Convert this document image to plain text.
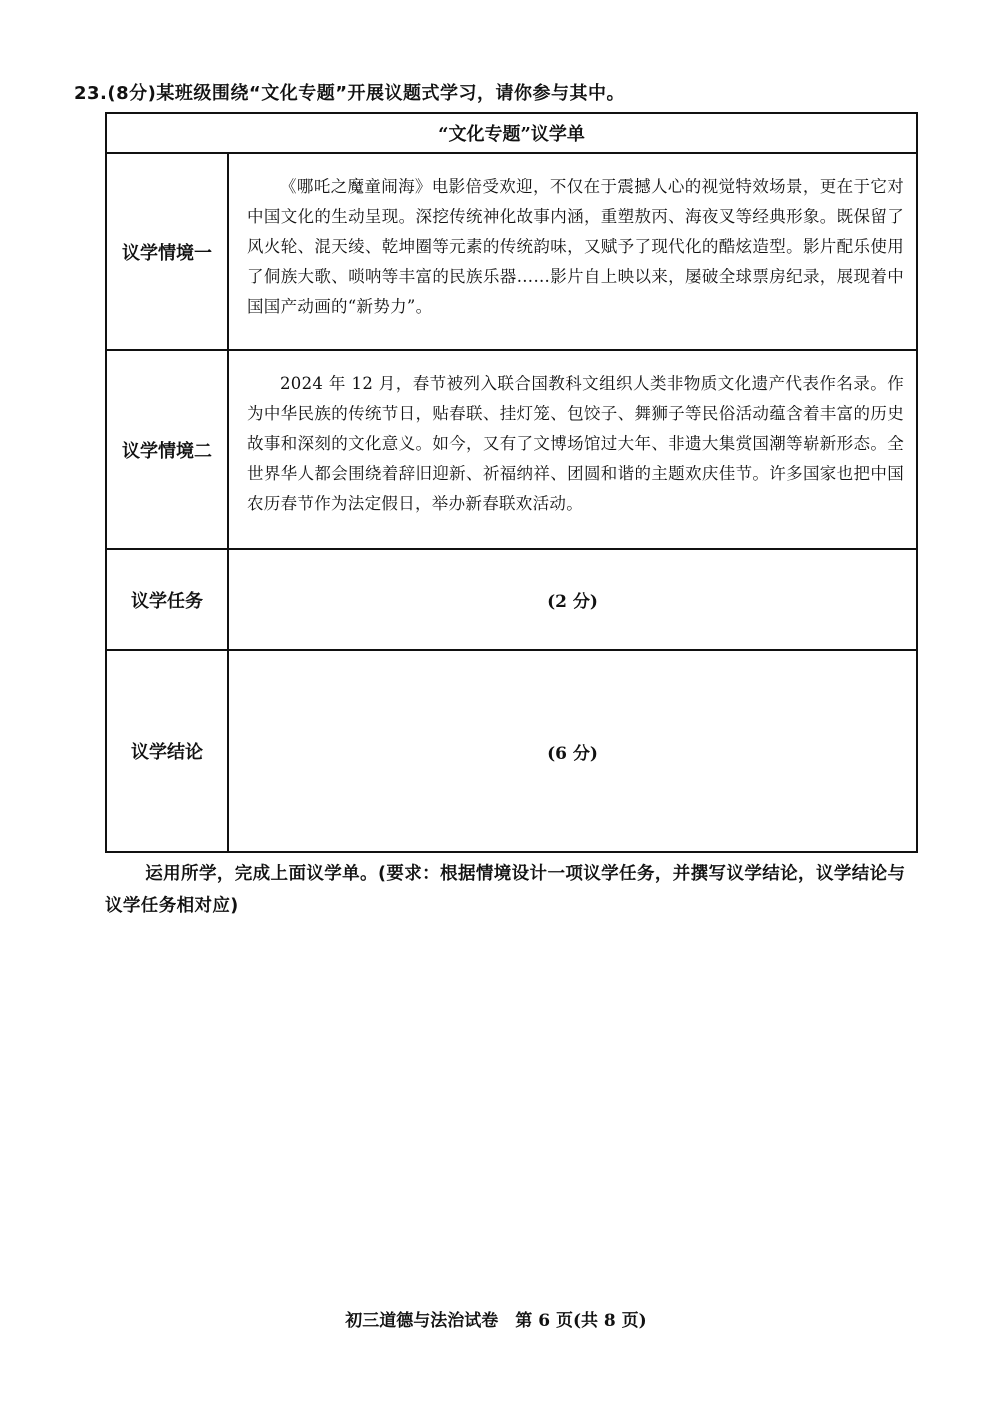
23.(8分)某班级围绕“文化专题”开展议题式学习，请你参与其中。
“文化专题”议学单
议学情境一

《哪吒之魔童闹海》电影倍受欢迎，不仅在于震撼人心的视觉特效场景，更在于它对中国文化的生动呈现。深挖传统神化故事内涵，重塑敖丙、海夜叉等经典形象。既保留了风火轮、混天绫、乾坤圈等元素的传统韵味，又赋予了现代化的酷炫造型。影片配乐使用了侗族大歌、唢呐等丰富的民族乐器……影片自上映以来，屡破全球票房纪录，展现着中国国产动画的“新势力”。

议学情境二

2024 年 12 月，春节被列入联合国教科文组织人类非物质文化遗产代表作名录。作为中华民族的传统节日，贴春联、挂灯笼、包饺子、舞狮子等民俗活动蕴含着丰富的历史故事和深刻的文化意义。如今，又有了文博场馆过大年、非遗大集赏国潮等崭新形态。全世界华人都会围绕着辞旧迎新、祈福纳祥、团圆和谐的主题欢庆佳节。许多国家也把中国农历春节作为法定假日，举办新春联欢活动。

议学任务	(2 分)
议学结论	(6 分)
运用所学，完成上面议学单。(要求：根据情境设计一项议学任务，并撰写议学结论，议学结论与议学任务相对应)
初三道德与法治试卷　第 6 页(共 8 页)
